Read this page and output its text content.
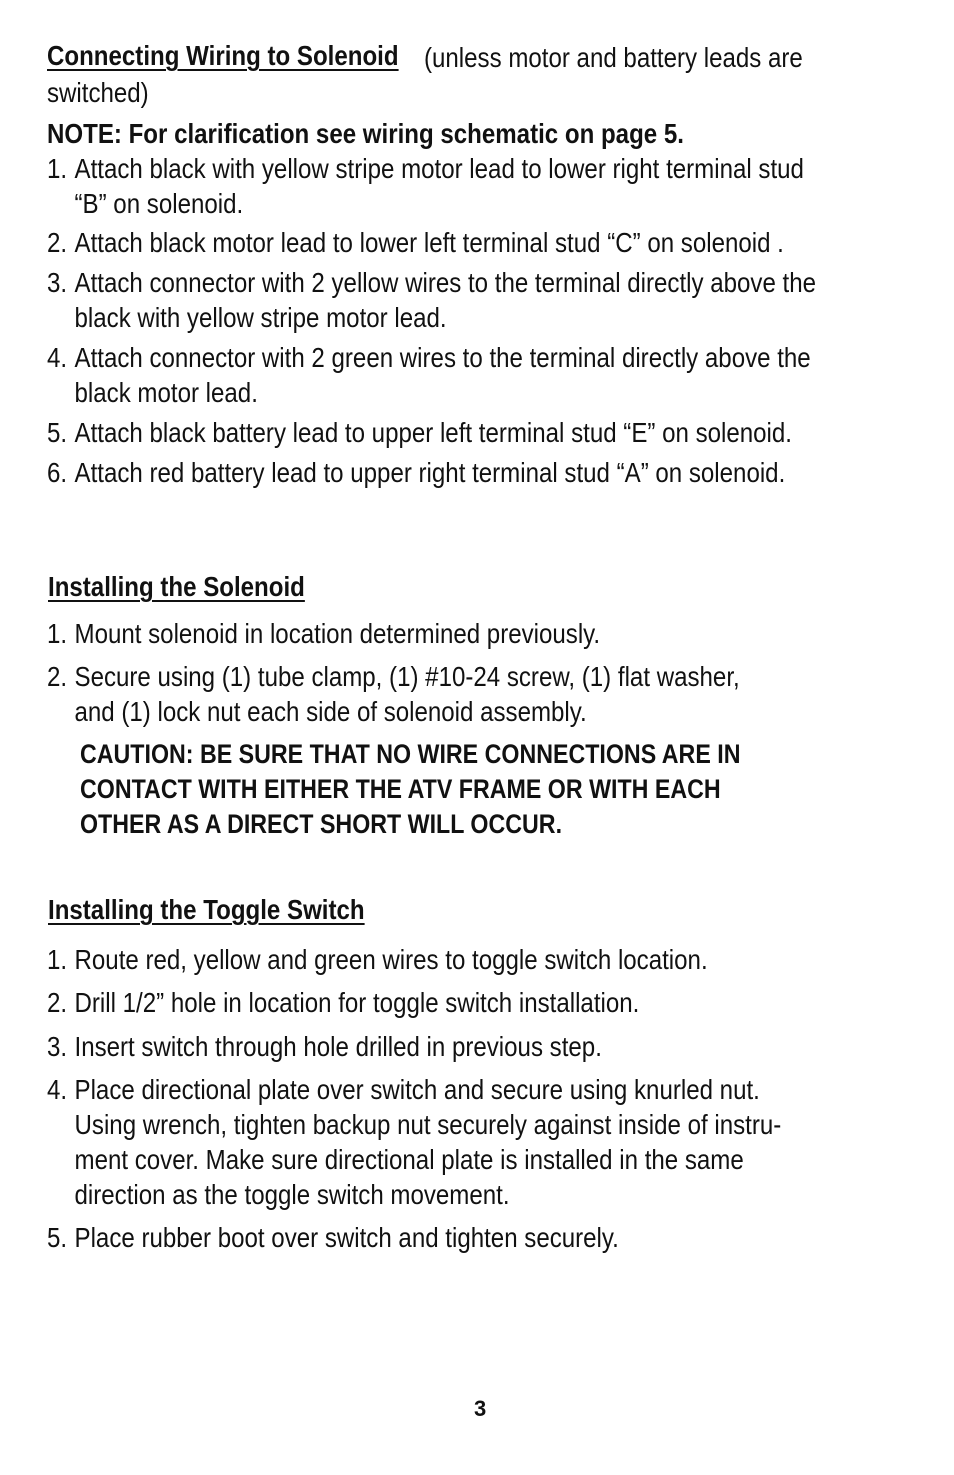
Connecting Wiring to Solenoid (unless motor and battery leads are
switched)
NOTE: For clarification see wiring schematic on page 5.
1. Attach black with yellow stripe motor lead to lower right terminal stud
“B” on solenoid.
2. Attach black motor lead to lower left terminal stud “C” on solenoid .
3. Attach connector with 2 yellow wires to the terminal directly above the
black with yellow stripe motor lead.
4. Attach connector with 2 green wires to the terminal directly above the
black motor lead.
5. Attach black battery lead to upper left terminal stud “E” on solenoid.
6. Attach red battery lead to upper right terminal stud “A” on solenoid.
Installing the Solenoid
1. Mount solenoid in location determined previously.
2. Secure using (1) tube clamp, (1) #10-24 screw, (1) flat washer,
and (1) lock nut each side of solenoid assembly.
CAUTION: BE SURE THAT NO WIRE CONNECTIONS ARE IN
CONTACT WITH EITHER THE ATV FRAME OR WITH EACH
OTHER AS A DIRECT SHORT WILL OCCUR.
Installing the Toggle Switch
1. Route red, yellow and green wires to toggle switch location.
2. Drill 1/2” hole in location for toggle switch installation.
3. Insert switch through hole drilled in previous step.
4. Place directional plate over switch and secure using knurled nut.
Using wrench, tighten backup nut securely against inside of instru-
ment cover. Make sure directional plate is installed in the same
direction as the toggle switch movement.
5. Place rubber boot over switch and tighten securely.
3
